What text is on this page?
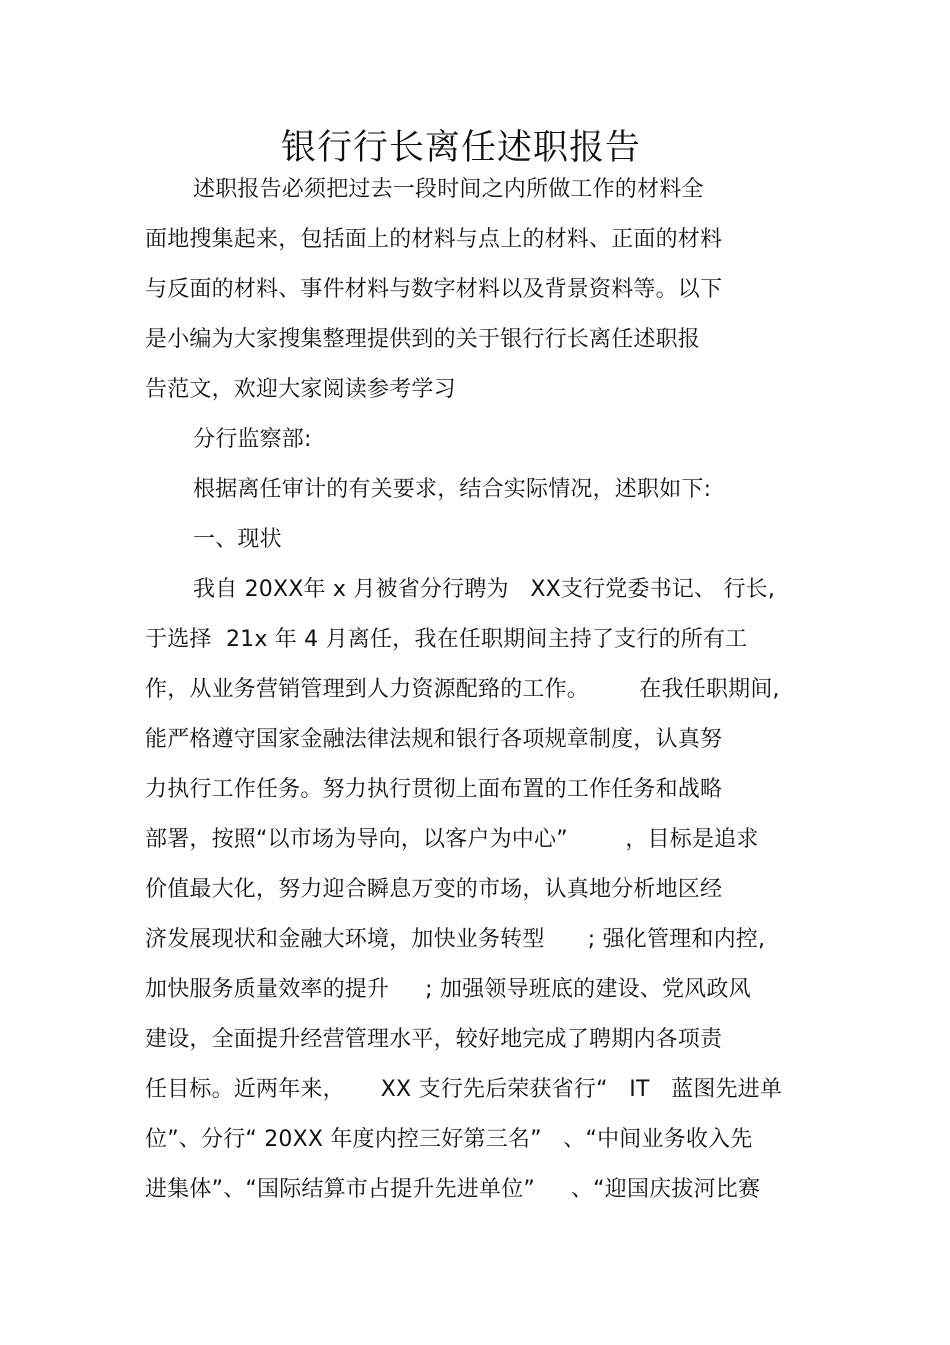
银行行长离任述职报告
述职报告必须把过去一段时间之内所做工作的材料全
面地搜集起来，包括面上的材料与点上的材料、正面的材料
与反面的材料、事件材料与数字材料以及背景资料等。以下
是小编为大家搜集整理提供到的关于银行行长离任述职报
告范文，欢迎大家阅读参考学习
分行监察部:
根据离任审计的有关要求，结合实际情况，述职如下:
一、现状
我自 20XX年 x 月被省分行聘为   XX支行党委书记、 行长,
于选择  21x 年 4 月离任，我在任职期间主持了支行的所有工
作，从业务营销管理到人力资源配臵的工作。       在我任职期间,
能严格遵守国家金融法律法规和银行各项规章制度，认真努
力执行工作任务。努力执行贯彻上面布置的工作任务和战略
部署，按照“以市场为导向，以客户为中心”        ，目标是追求
价值最大化，努力迎合瞬息万变的市场，认真地分析地区经
济发展现状和金融大环境，加快业务转型      ; 强化管理和内控,
加快服务质量效率的提升     ; 加强领导班底的建设、党风政风
建设，全面提升经营管理水平，较好地完成了聘期内各项责
任目标。近两年来，     XX 支行先后荣获省行“   IT   蓝图先进单
位”、分行“ 20XX 年度内控三好第三名”   、“中间业务收入先
进集体”、“国际结算市占提升先进单位”     、“迎国庆拔河比赛
